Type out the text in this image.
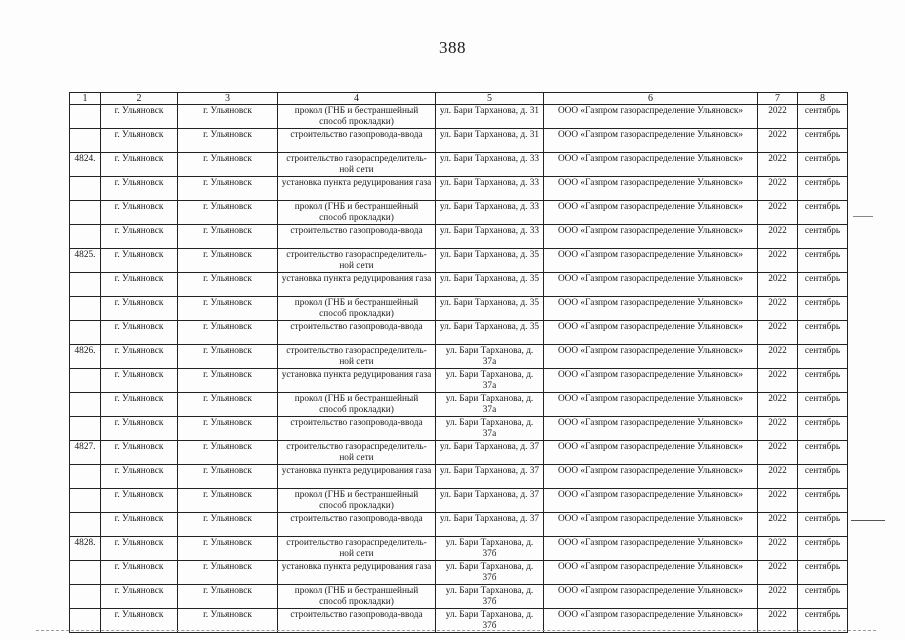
388
1	2	3	4	5	6	7	8
	г. Ульяновск	г. Ульяновск	прокол (ГНБ и бестраншейный способ прокладки)	ул. Бари Тарханова, д. 31	ООО «Газпром газораспределение Ульяновск»	2022	сентябрь
	г. Ульяновск	г. Ульяновск	строительство газопровода-ввода	ул. Бари Тарханова, д. 31	ООО «Газпром газораспределение Ульяновск»	2022	сентябрь
4824.	г. Ульяновск	г. Ульяновск	строительство газораспределитель-ной сети	ул. Бари Тарханова, д. 33	ООО «Газпром газораспределение Ульяновск»	2022	сентябрь
	г. Ульяновск	г. Ульяновск	установка пункта редуцирования газа	ул. Бари Тарханова, д. 33	ООО «Газпром газораспределение Ульяновск»	2022	сентябрь
	г. Ульяновск	г. Ульяновск	прокол (ГНБ и бестраншейный способ прокладки)	ул. Бари Тарханова, д. 33	ООО «Газпром газораспределение Ульяновск»	2022	сентябрь
	г. Ульяновск	г. Ульяновск	строительство газопровода-ввода	ул. Бари Тарханова, д. 33	ООО «Газпром газораспределение Ульяновск»	2022	сентябрь
4825.	г. Ульяновск	г. Ульяновск	строительство газораспределитель-ной сети	ул. Бари Тарханова, д. 35	ООО «Газпром газораспределение Ульяновск»	2022	сентябрь
	г. Ульяновск	г. Ульяновск	установка пункта редуцирования газа	ул. Бари Тарханова, д. 35	ООО «Газпром газораспределение Ульяновск»	2022	сентябрь
	г. Ульяновск	г. Ульяновск	прокол (ГНБ и бестраншейный способ прокладки)	ул. Бари Тарханова, д. 35	ООО «Газпром газораспределение Ульяновск»	2022	сентябрь
	г. Ульяновск	г. Ульяновск	строительство газопровода-ввода	ул. Бари Тарханова, д. 35	ООО «Газпром газораспределение Ульяновск»	2022	сентябрь
4826.	г. Ульяновск	г. Ульяновск	строительство газораспределитель-ной сети	ул. Бари Тарханова, д. 37а	ООО «Газпром газораспределение Ульяновск»	2022	сентябрь
	г. Ульяновск	г. Ульяновск	установка пункта редуцирования газа	ул. Бари Тарханова, д. 37а	ООО «Газпром газораспределение Ульяновск»	2022	сентябрь
	г. Ульяновск	г. Ульяновск	прокол (ГНБ и бестраншейный способ прокладки)	ул. Бари Тарханова, д. 37а	ООО «Газпром газораспределение Ульяновск»	2022	сентябрь
	г. Ульяновск	г. Ульяновск	строительство газопровода-ввода	ул. Бари Тарханова, д. 37а	ООО «Газпром газораспределение Ульяновск»	2022	сентябрь
4827.	г. Ульяновск	г. Ульяновск	строительство газораспределитель-ной сети	ул. Бари Тарханова, д. 37	ООО «Газпром газораспределение Ульяновск»	2022	сентябрь
	г. Ульяновск	г. Ульяновск	установка пункта редуцирования газа	ул. Бари Тарханова, д. 37	ООО «Газпром газораспределение Ульяновск»	2022	сентябрь
	г. Ульяновск	г. Ульяновск	прокол (ГНБ и бестраншейный способ прокладки)	ул. Бари Тарханова, д. 37	ООО «Газпром газораспределение Ульяновск»	2022	сентябрь
	г. Ульяновск	г. Ульяновск	строительство газопровода-ввода	ул. Бари Тарханова, д. 37	ООО «Газпром газораспределение Ульяновск»	2022	сентябрь
4828.	г. Ульяновск	г. Ульяновск	строительство газораспределитель-ной сети	ул. Бари Тарханова, д. 37б	ООО «Газпром газораспределение Ульяновск»	2022	сентябрь
	г. Ульяновск	г. Ульяновск	установка пункта редуцирования газа	ул. Бари Тарханова, д. 37б	ООО «Газпром газораспределение Ульяновск»	2022	сентябрь
	г. Ульяновск	г. Ульяновск	прокол (ГНБ и бестраншейный способ прокладки)	ул. Бари Тарханова, д. 37б	ООО «Газпром газораспределение Ульяновск»	2022	сентябрь
	г. Ульяновск	г. Ульяновск	строительство газопровода-ввода	ул. Бари Тарханова, д. 37б	ООО «Газпром газораспределение Ульяновск»	2022	сентябрь
